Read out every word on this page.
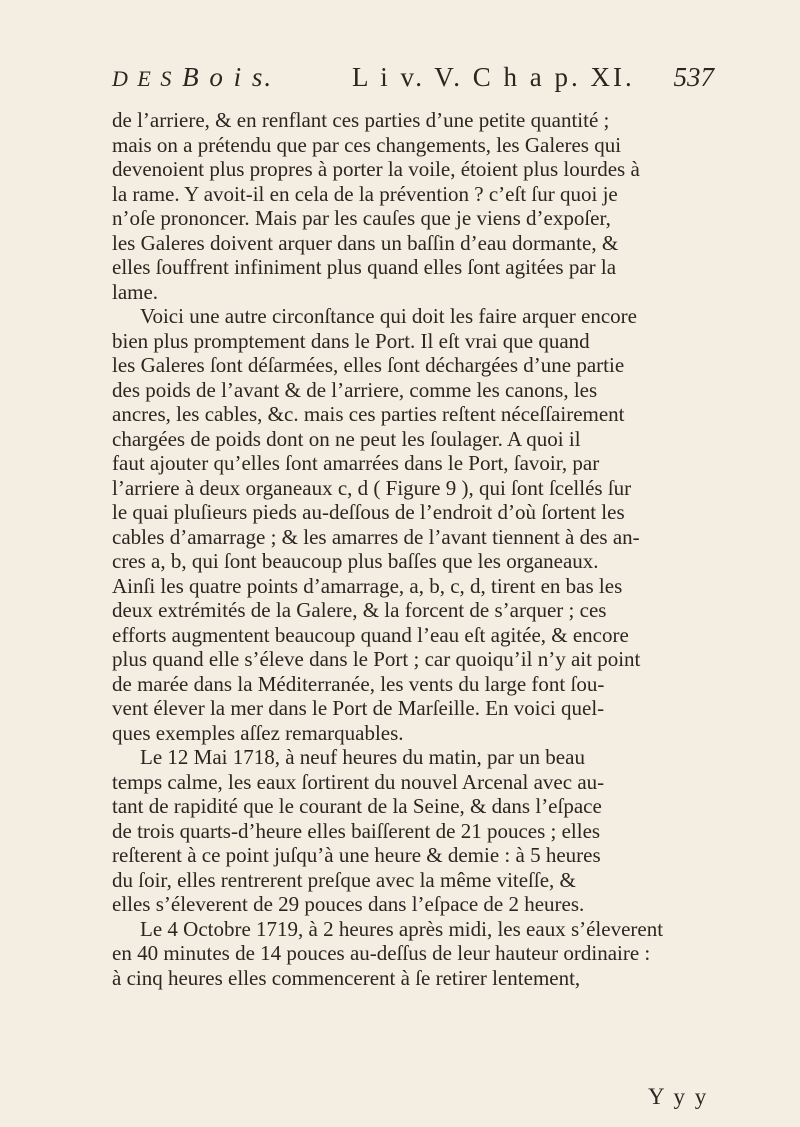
D E S B o i s.	L i v. V. C h a p. XI. 537
de l’arriere, & en renflant ces parties d’une petite quantité ;
mais on a prétendu que par ces changements, les Galeres qui
devenoient plus propres à porter la voile, étoient plus lourdes à
la rame. Y avoit-il en cela de la prévention ? c’eſt ſur quoi je
n’oſe prononcer. Mais par les cauſes que je viens d’expoſer,
les Galeres doivent arquer dans un baſſin d’eau dormante, &
elles ſouffrent infiniment plus quand elles ſont agitées par la
lame.
Voici une autre circonſtance qui doit les faire arquer encore
bien plus promptement dans le Port. Il eſt vrai que quand
les Galeres ſont déſarmées, elles ſont déchargées d’une partie
des poids de l’avant & de l’arriere, comme les canons, les
ancres, les cables, &c. mais ces parties reſtent néceſſairement
chargées de poids dont on ne peut les ſoulager. A quoi il
faut ajouter qu’elles ſont amarrées dans le Port, ſavoir, par
l’arriere à deux organeaux c, d ( Figure 9 ), qui ſont ſcellés ſur
le quai pluſieurs pieds au-deſſous de l’endroit d’où ſortent les
cables d’amarrage ; & les amarres de l’avant tiennent à des an-
cres a, b, qui ſont beaucoup plus baſſes que les organeaux.
Ainſi les quatre points d’amarrage, a, b, c, d, tirent en bas les
deux extrémités de la Galere, & la forcent de s’arquer ; ces
efforts augmentent beaucoup quand l’eau eſt agitée, & encore
plus quand elle s’éleve dans le Port ; car quoiqu’il n’y ait point
de marée dans la Méditerranée, les vents du large font ſou-
vent élever la mer dans le Port de Marſeille. En voici quel-
ques exemples aſſez remarquables.
Le 12 Mai 1718, à neuf heures du matin, par un beau
temps calme, les eaux ſortirent du nouvel Arcenal avec au-
tant de rapidité que le courant de la Seine, & dans l’eſpace
de trois quarts-d’heure elles baiſſerent de 21 pouces ; elles
reſterent à ce point juſqu’à une heure & demie : à 5 heures
du ſoir, elles rentrerent preſque avec la même viteſſe, &
elles s’éleverent de 29 pouces dans l’eſpace de 2 heures.
Le 4 Octobre 1719, à 2 heures après midi, les eaux s’éleverent
en 40 minutes de 14 pouces au-deſſus de leur hauteur ordinaire :
à cinq heures elles commencerent à ſe retirer lentement,
Y y y
